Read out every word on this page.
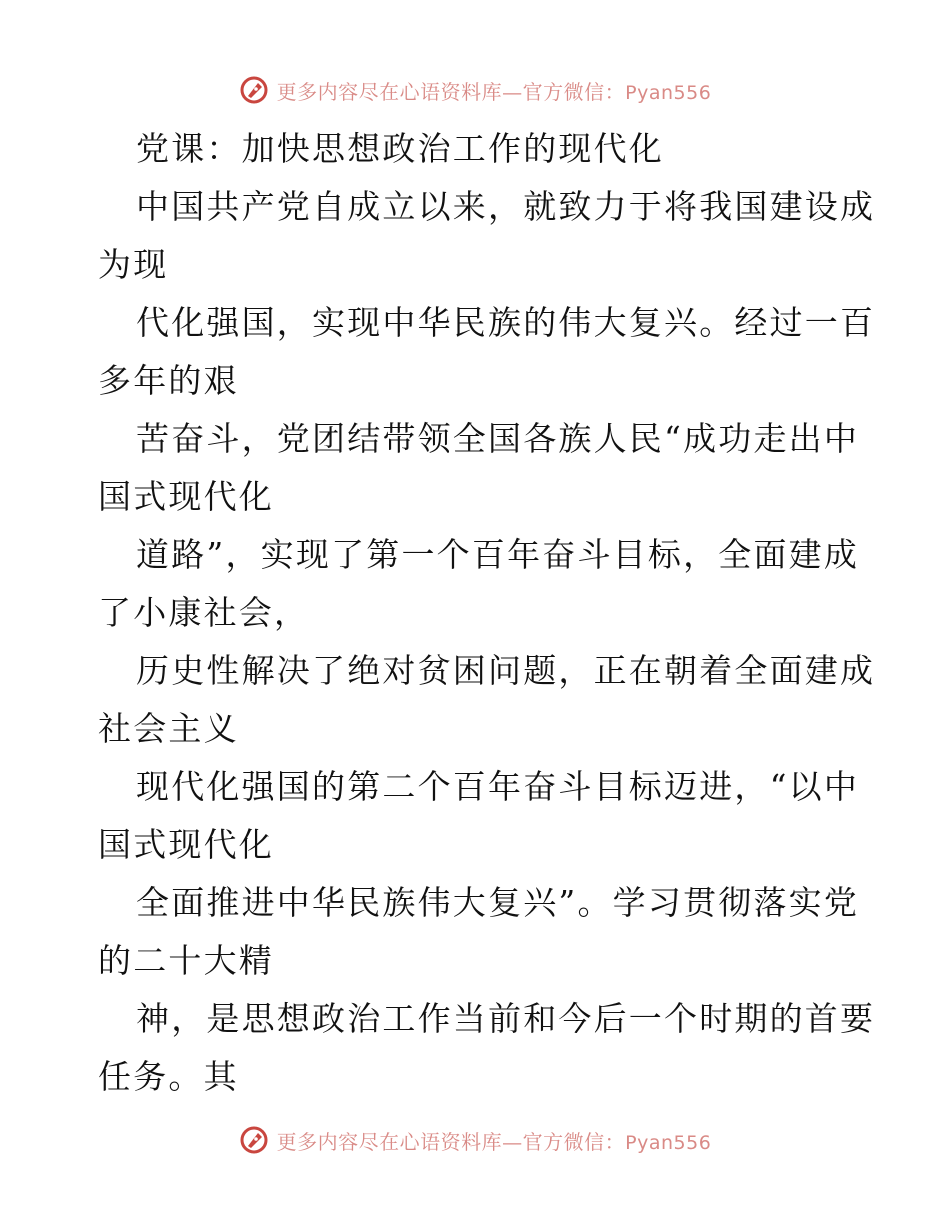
更多内容尽在心语资料库—官方微信：Pyan556
党课：加快思想政治工作的现代化
中国共产党自成立以来，就致力于将我国建设成
为现
代化强国，实现中华民族的伟大复兴。经过一百
多年的艰
苦奋斗，党团结带领全国各族人民“成功走出中
国式现代化
道路”，实现了第一个百年奋斗目标，全面建成
了小康社会，
历史性解决了绝对贫困问题，正在朝着全面建成
社会主义
现代化强国的第二个百年奋斗目标迈进，“以中
国式现代化
全面推进中华民族伟大复兴”。学习贯彻落实党
的二十大精
神，是思想政治工作当前和今后一个时期的首要
任务。其
更多内容尽在心语资料库—官方微信：Pyan556
